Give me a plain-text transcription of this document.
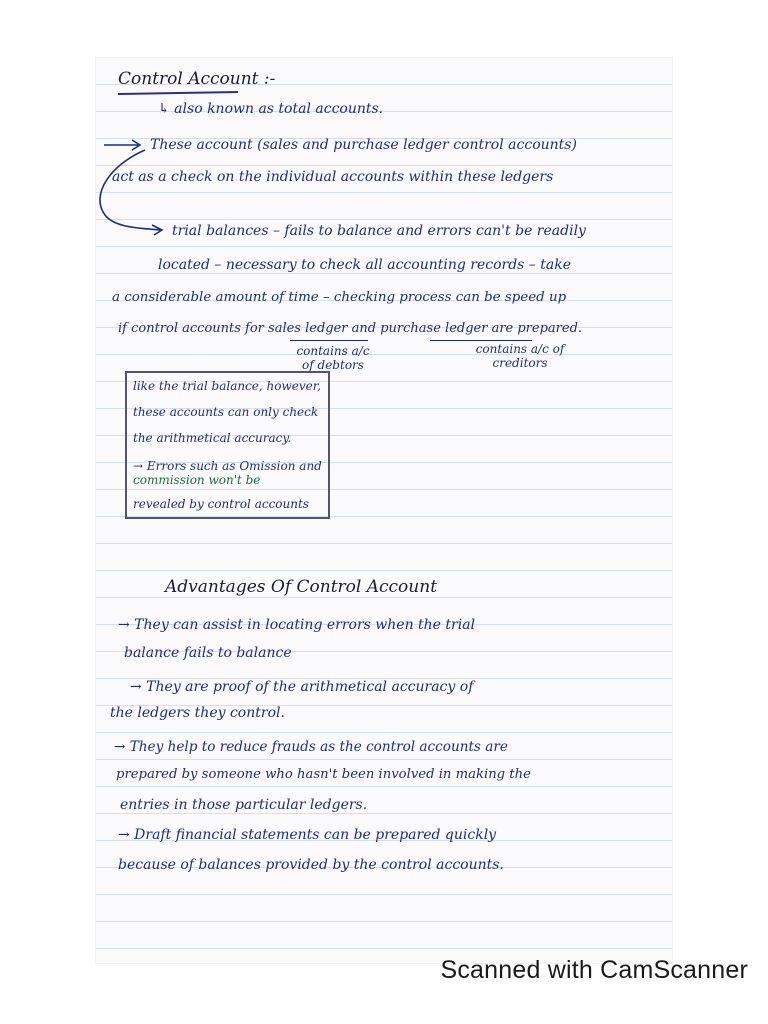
Control Account :-

↳ also known as total accounts.

These account (sales and purchase ledger control accounts)

act as a check on the individual accounts within these ledgers

trial balances – fails to balance and errors can't be readily

located – necessary to check all accounting records – take

a considerable amount of time – checking process can be speed up

if control accounts for sales ledger and purchase ledger are prepared.

contains a/c of debtors

contains a/c of creditors

like the trial balance, however,

these accounts can only check

the arithmetical accuracy.

→ Errors such as Omission and

commission won't be

revealed by control accounts

Advantages Of Control Account

→ They can assist in locating errors when the trial

balance fails to balance

→ They are proof of the arithmetical accuracy of

the ledgers they control.

→ They help to reduce frauds as the control accounts are

prepared by someone who hasn't been involved in making the

entries in those particular ledgers.

→ Draft financial statements can be prepared quickly

because of balances provided by the control accounts.

Scanned with CamScanner
